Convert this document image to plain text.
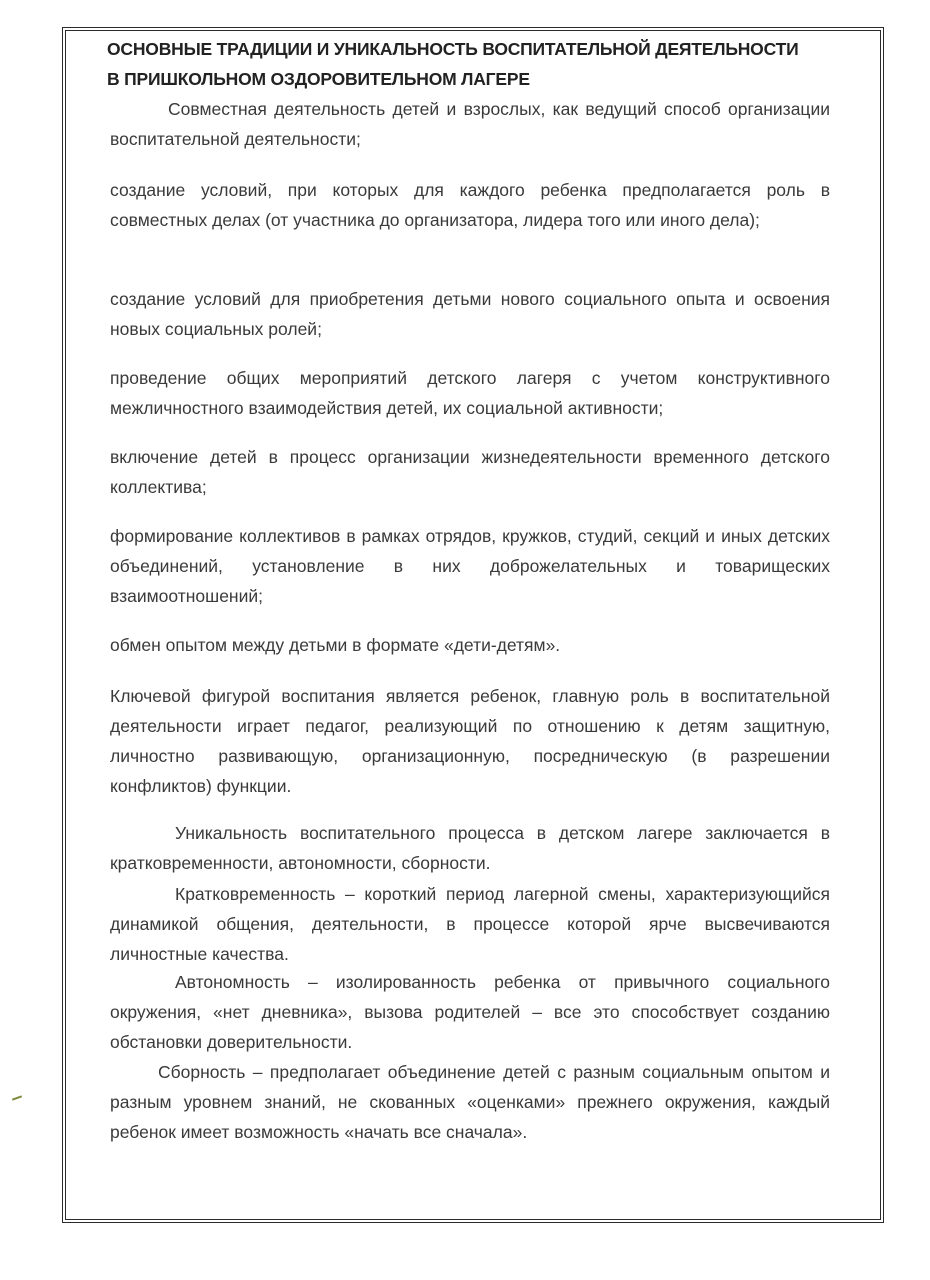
ОСНОВНЫЕ ТРАДИЦИИ И УНИКАЛЬНОСТЬ ВОСПИТАТЕЛЬНОЙ ДЕЯТЕЛЬНОСТИ
В ПРИШКОЛЬНОМ ОЗДОРОВИТЕЛЬНОМ ЛАГЕРЕ

Совместная деятельность детей и взрослых, как ведущий способ организации воспитательной деятельности;

создание условий, при которых для каждого ребенка предполагается роль в совместных делах (от участника до организатора, лидера того или иного дела);

создание условий для приобретения детьми нового социального опыта и освоения новых социальных ролей;

проведение общих мероприятий детского лагеря с учетом конструктивного межличностного взаимодействия детей, их социальной активности;

включение детей в процесс организации жизнедеятельности временного детского коллектива;

формирование коллективов в рамках отрядов, кружков, студий, секций и иных детских объединений, установление в них доброжелательных и товарищеских взаимоотношений;

обмен опытом между детьми в формате «дети-детям».

Ключевой фигурой воспитания является ребенок, главную роль в воспитательной деятельности играет педагог, реализующий по отношению к детям защитную, личностно развивающую, организационную, посредническую (в разрешении конфликтов) функции.

Уникальность воспитательного процесса в детском лагере заключается в кратковременности, автономности, сборности.

Кратковременность – короткий период лагерной смены, характеризующийся динамикой общения, деятельности, в процессе которой ярче высвечиваются личностные качества.

Автономность – изолированность ребенка от привычного социального окружения, «нет дневника», вызова родителей – все это способствует созданию обстановки доверительности.

Сборность – предполагает объединение детей с разным социальным опытом и разным уровнем знаний, не скованных «оценками» прежнего окружения, каждый ребенок имеет возможность «начать все сначала».
